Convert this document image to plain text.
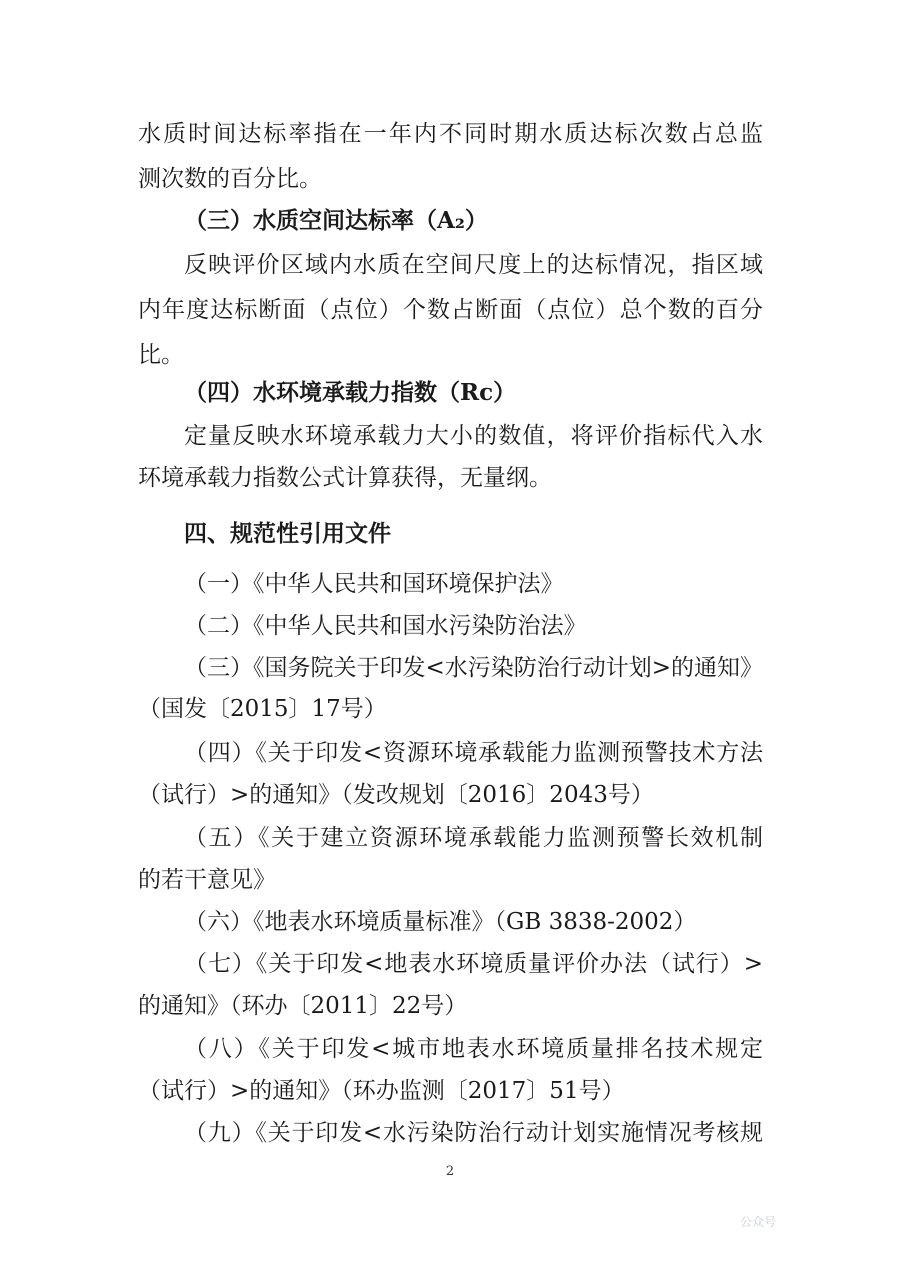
水质时间达标率指在一年内不同时期水质达标次数占总监
测次数的百分比。
（三）水质空间达标率（A₂）
反映评价区域内水质在空间尺度上的达标情况，指区域
内年度达标断面（点位）个数占断面（点位）总个数的百分
比。
（四）水环境承载力指数（Rc）
定量反映水环境承载力大小的数值，将评价指标代入水
环境承载力指数公式计算获得，无量纲。
四、规范性引用文件
（一）《中华人民共和国环境保护法》
（二）《中华人民共和国水污染防治法》
（三）《国务院关于印发<水污染防治行动计划>的通知》
（国发〔2015〕17号）
（四）《关于印发<资源环境承载能力监测预警技术方法
（试行）>的通知》（发改规划〔2016〕2043号）
（五）《关于建立资源环境承载能力监测预警长效机制
的若干意见》
（六）《地表水环境质量标准》（GB 3838-2002）
（七）《关于印发<地表水环境质量评价办法（试行）>
的通知》（环办〔2011〕22号）
（八）《关于印发<城市地表水环境质量排名技术规定
（试行）>的通知》（环办监测〔2017〕51号）
（九）《关于印发<水污染防治行动计划实施情况考核规
2
公众号
